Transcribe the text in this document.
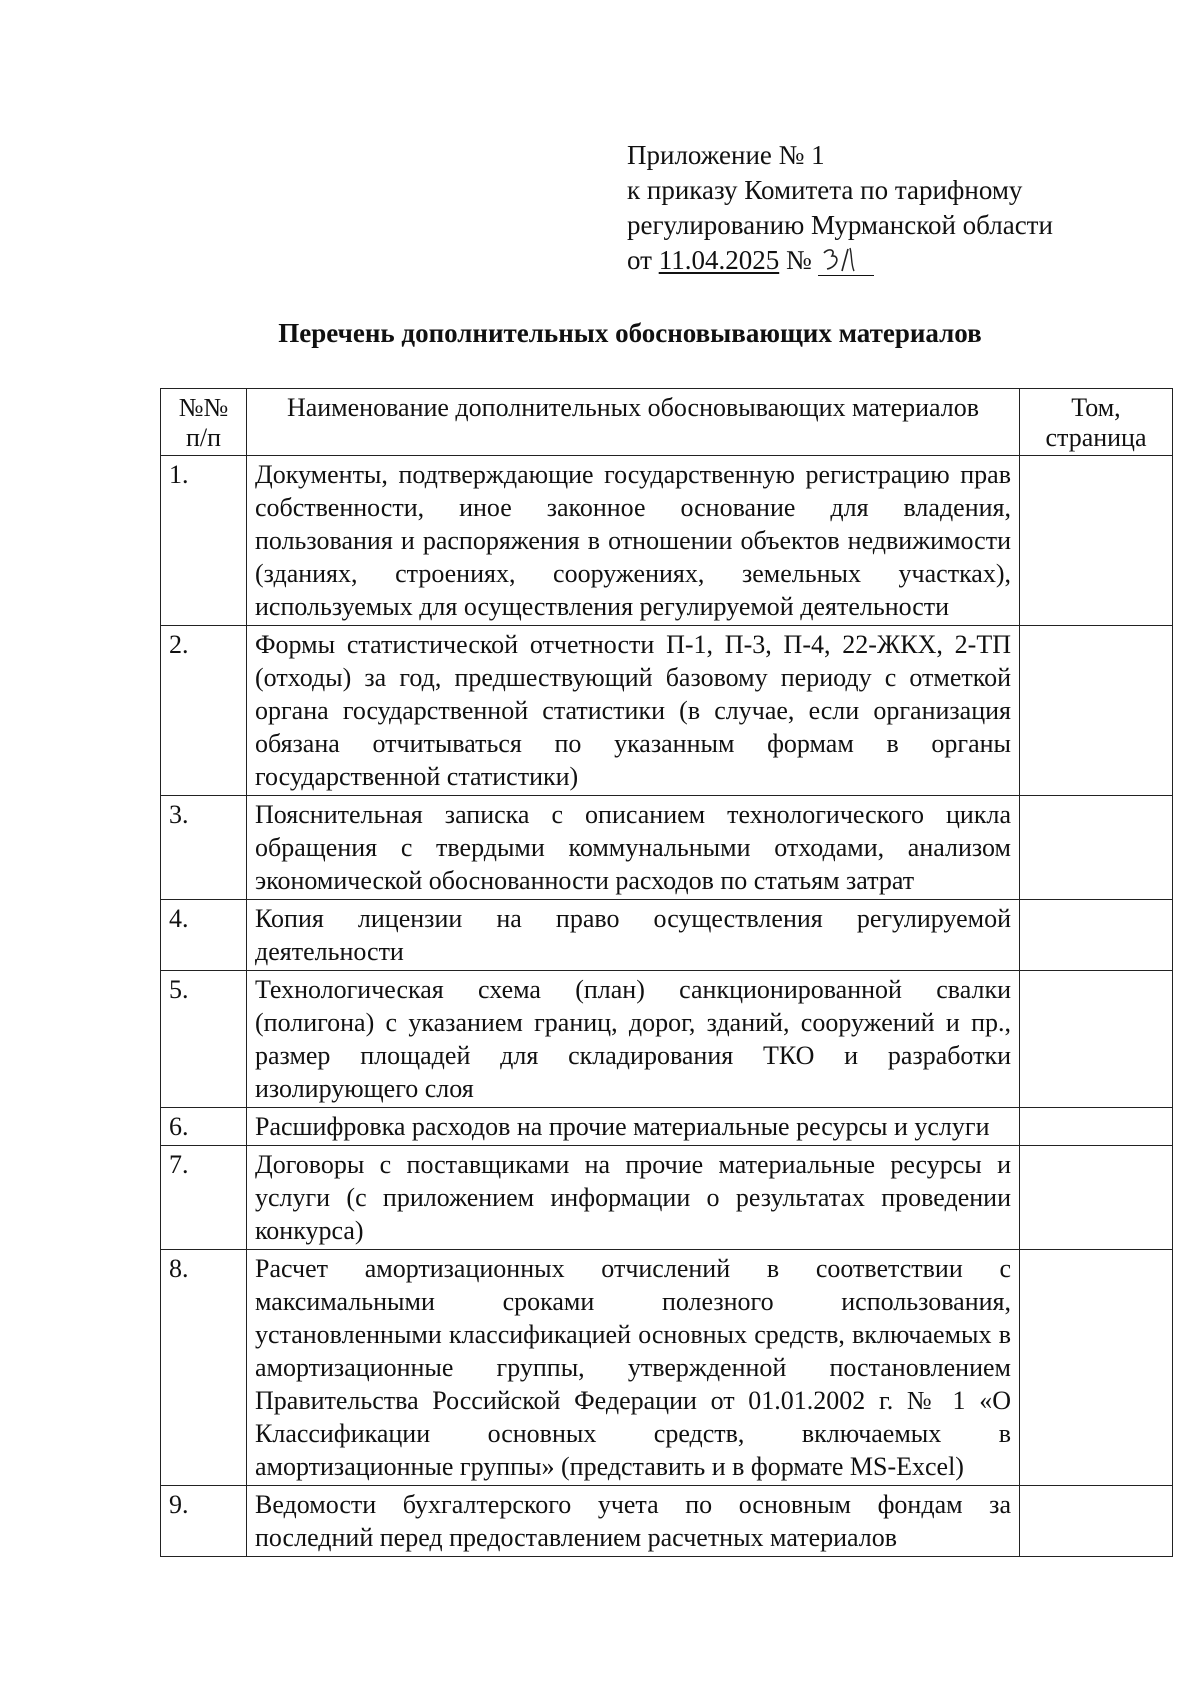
Приложение № 1
к приказу Комитета по тарифному
регулированию Мурманской области
от 11.04.2025 №
Перечень дополнительных обосновывающих материалов
№№ п/п	Наименование дополнительных обосновывающих материалов	Том, страница
1.	Документы, подтверждающие государственную регистрацию прав собственности, иное законное основание для владения, пользования и распоряжения в отношении объектов недвижимости (зданиях, строениях, сооружениях, земельных участках), используемых для осуществления регулируемой деятельности	
2.	Формы статистической отчетности П-1, П-3, П-4, 22-ЖКХ, 2-ТП (отходы) за год, предшествующий базовому периоду с отметкой органа государственной статистики (в случае, если организация обязана отчитываться по указанным формам в органы государственной статистики)	
3.	Пояснительная записка с описанием технологического цикла обращения с твердыми коммунальными отходами, анализом экономической обоснованности расходов по статьям затрат	
4.	Копия лицензии на право осуществления регулируемой деятельности	
5.	Технологическая схема (план) санкционированной свалки (полигона) с указанием границ, дорог, зданий, сооружений и пр., размер площадей для складирования ТКО и разработки изолирующего слоя	
6.	Расшифровка расходов на прочие материальные ресурсы и услуги	
7.	Договоры с поставщиками на прочие материальные ресурсы и услуги (с приложением информации о результатах проведении конкурса)	
8.	Расчет амортизационных отчислений в соответствии с максимальными сроками полезного использования, установленными классификацией основных средств, включаемых в амортизационные группы, утвержденной постановлением Правительства Российской Федерации от 01.01.2002 г. № 1 «О Классификации основных средств, включаемых в амортизационные группы» (представить и в формате MS-Excel)	
9.	Ведомости бухгалтерского учета по основным фондам за последний перед предоставлением расчетных материалов	
